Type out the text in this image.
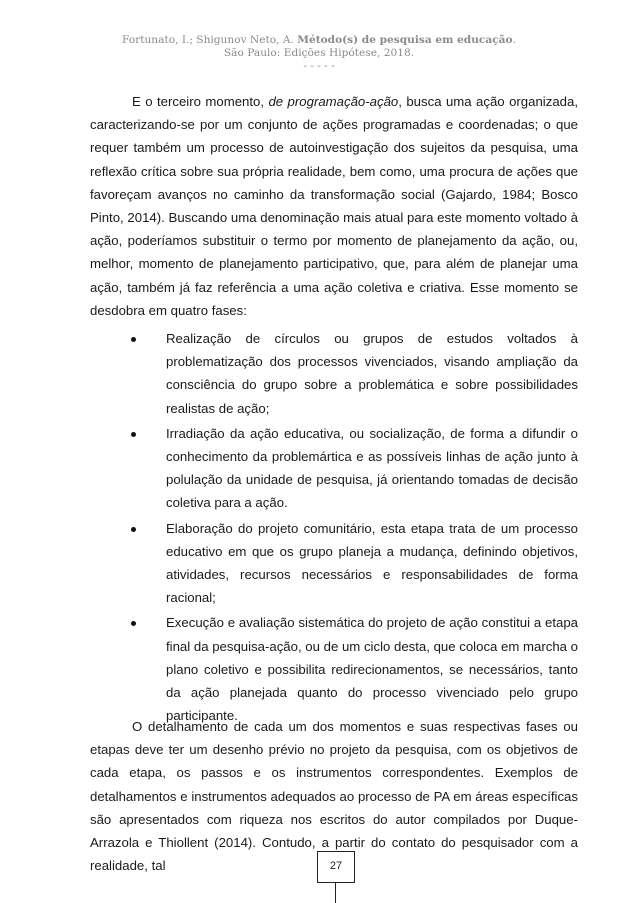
Fortunato, I.; Shigunov Neto, A. Método(s) de pesquisa em educação.
São Paulo: Edições Hipótese, 2018.
- - - - -

E o terceiro momento, de programação-ação, busca uma ação organizada, caracterizando-se por um conjunto de ações programadas e coordenadas; o que requer também um processo de autoinvestigação dos sujeitos da pesquisa, uma reflexão crítica sobre sua própria realidade, bem como, uma procura de ações que favoreçam avanços no caminho da transformação social (Gajardo, 1984; Bosco Pinto, 2014). Buscando uma denominação mais atual para este momento voltado à ação, poderíamos substituir o termo por momento de planejamento da ação, ou, melhor, momento de planejamento participativo, que, para além de planejar uma ação, também já faz referência a uma ação coletiva e criativa. Esse momento se desdobra em quatro fases:

Realização de círculos ou grupos de estudos voltados à problematização dos processos vivenciados, visando ampliação da consciência do grupo sobre a problemática e sobre possibilidades realistas de ação;
Irradiação da ação educativa, ou socialização, de forma a difundir o conhecimento da problemártica e as possíveis linhas de ação junto à polulação da unidade de pesquisa, já orientando tomadas de decisão coletiva para a ação.
Elaboração do projeto comunitário, esta etapa trata de um processo educativo em que os grupo planeja a mudança, definindo objetivos, atividades, recursos necessários e responsabilidades de forma racional;
Execução e avaliação sistemática do projeto de ação constitui a etapa final da pesquisa-ação, ou de um ciclo desta, que coloca em marcha o plano coletivo e possibilita redirecionamentos, se necessários, tanto da ação planejada quanto do processo vivenciado pelo grupo participante.

O detalhamento de cada um dos momentos e suas respectivas fases ou etapas deve ter um desenho prévio no projeto da pesquisa, com os objetivos de cada etapa, os passos e os instrumentos correspondentes. Exemplos de detalhamentos e instrumentos adequados ao processo de PA em áreas específicas são apresentados com riqueza nos escritos do autor compilados por Duque-Arrazola e Thiollent (2014). Contudo, a partir do contato do pesquisador com a realidade, tal	27
